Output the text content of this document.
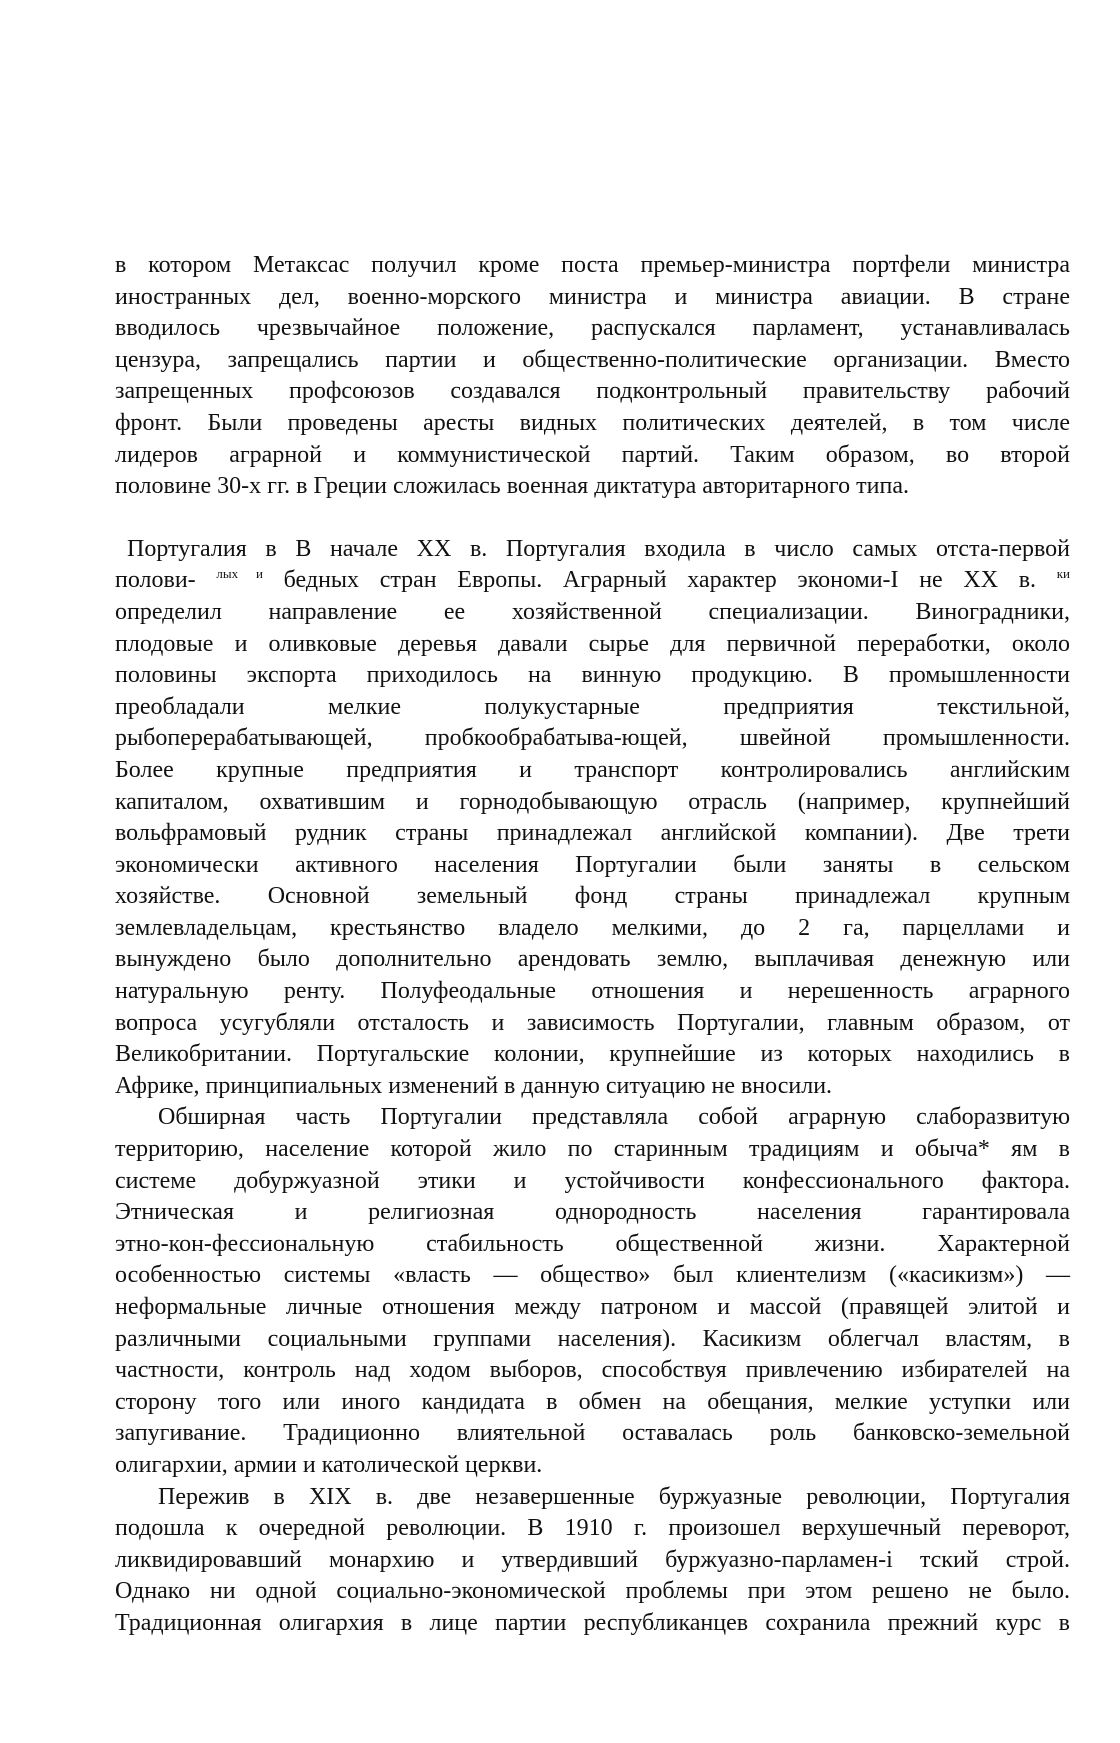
в котором Метаксас получил кроме поста премьер-министра портфели министра
иностранных дел, военно-морского министра и министра авиации. В стране
вводилось чрезвычайное положение, распускался парламент, устанавливалась
цензура, запрещались партии и общественно-политические организации. Вместо
запрещенных профсоюзов создавался подконтрольный правительству рабочий
фронт. Были проведены аресты видных политических деятелей, в том числе
лидеров аграрной и коммунистической партий. Таким образом, во второй
половине 30-х гг. в Греции сложилась военная диктатура авторитарного типа.
Португалия в В начале XX в. Португалия входила в число самых отста-первой
полови- $^{лых и}$ бедных стран Европы. Аграрный характер экономи-I не XX в. $^{ки}$
определил направление ее хозяйственной специализации. Виноградники,
плодовые и оливковые деревья давали сырье для первичной переработки, около
половины экспорта приходилось на винную продукцию. В промышленности
преобладали мелкие полукустарные предприятия текстильной,
рыбоперерабатывающей, пробкообрабатыва-ющей, швейной промышленности.
Более крупные предприятия и транспорт контролировались английским
капиталом, охватившим и горнодобывающую отрасль (например, крупнейший
вольфрамовый рудник страны принадлежал английской компании). Две трети
экономически активного населения Португалии были заняты в сельском
хозяйстве. Основной земельный фонд страны принадлежал крупным
землевладельцам, крестьянство владело мелкими, до 2 га, парцеллами и
вынуждено было дополнительно арендовать землю, выплачивая денежную или
натуральную ренту. Полуфеодальные отношения и нерешенность аграрного
вопроса усугубляли отсталость и зависимость Португалии, главным образом, от
Великобритании. Португальские колонии, крупнейшие из которых находились в
Африке, принципиальных изменений в данную ситуацию не вносили.
Обширная часть Португалии представляла собой аграрную слаборазвитую
территорию, население которой жило по старинным традициям и обыча* ям в
системе добуржуазной этики и устойчивости конфессионального фактора.
Этническая и религиозная однородность населения гарантировала
этно-кон-фессиональную стабильность общественной жизни. Характерной
особенностью системы «власть — общество» был клиентелизм («касикизм») —
неформальные личные отношения между патроном и массой (правящей элитой и
различными социальными группами населения). Касикизм облегчал властям, в
частности, контроль над ходом выборов, способствуя привлечению избирателей на
сторону того или иного кандидата в обмен на обещания, мелкие уступки или
запугивание. Традиционно влиятельной оставалась роль банковско-земельной
олигархии, армии и католической церкви.
Пережив в XIX в. две незавершенные буржуазные революции, Португалия
подошла к очередной революции. В 1910 г. произошел верхушечный переворот,
ликвидировавший монархию и утвердивший буржуазно-парламен-і тский строй.
Однако ни одной социально-экономической проблемы при этом решено не было.
Традиционная олигархия в лице партии республиканцев сохранила прежний курс в
